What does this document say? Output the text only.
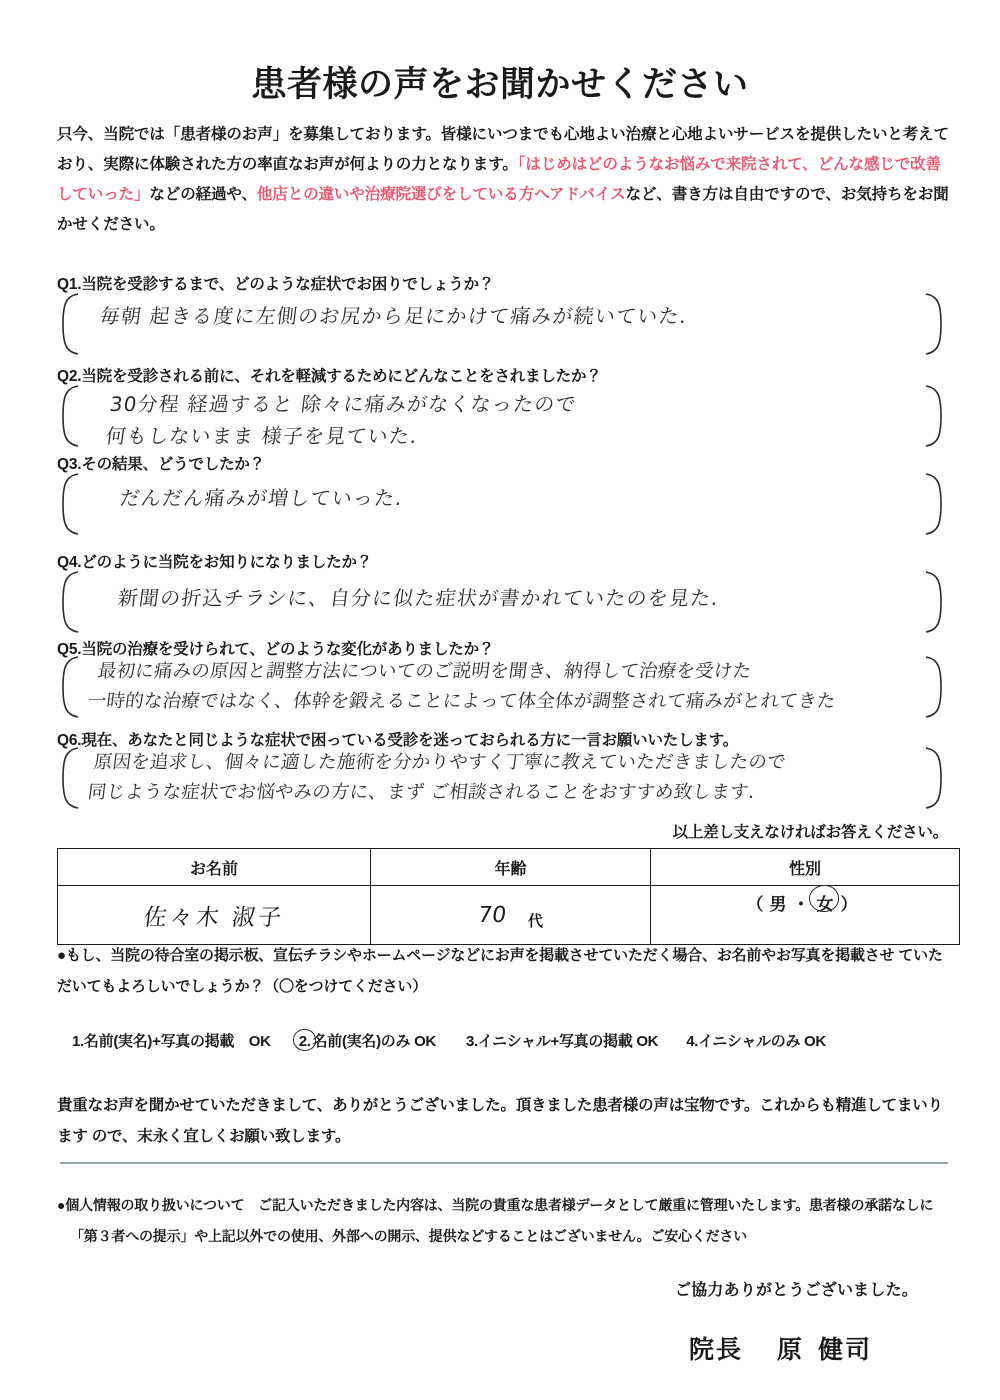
患者様の声をお聞かせください
只今、当院では「患者様のお声」を募集しております。皆様にいつまでも心地よい治療と心地よいサービスを提供したいと考えており、実際に体験された方の率直なお声が何よりの力となります。「はじめはどのようなお悩みで来院されて、どんな感じで改善していった」などの経過や、他店との違いや治療院選びをしている方へアドバイスなど、書き方は自由ですので、お気持ちをお聞かせください。
Q1.当院を受診するまで、どのような症状でお困りでしょうか？
毎朝 起きる度に左側のお尻から足にかけて痛みが続いていた.
Q2.当院を受診される前に、それを軽減するためにどんなことをされましたか？
30分程 経過すると 除々に痛みがなくなったので
何もしないまま 様子を見ていた.
Q3.その結果、どうでしたか？
だんだん痛みが増していった.
Q4.どのように当院をお知りになりましたか？
新聞の折込チラシに、自分に似た症状が書かれていたのを見た.
Q5.当院の治療を受けられて、どのような変化がありましたか？
最初に痛みの原因と調整方法についてのご説明を聞き、納得して治療を受けた
一時的な治療ではなく、体幹を鍛えることによって体全体が調整されて痛みがとれてきた
Q6.現在、あなたと同じような症状で困っている受診を迷っておられる方に一言お願いいたします。
原因を追求し、個々に適した施術を分かりやすく丁寧に教えていただきましたので
同じような症状でお悩やみの方に、まず ご相談されることをおすすめ致します.
以上差し支えなければお答えください。
お名前	年齢	性別
佐々木 淑子	70 代	（男・女）
●もし、当院の待合室の掲示板、宣伝チラシやホームページなどにお声を掲載させていただく場合、お名前やお写真を掲載させ ていただいてもよろしいでしょうか？（〇をつけてください）
1.名前(実名)+写真の掲載　OK 2. 名前(実名)のみ OK 3.イニシャル+写真の掲載 OK 4.イニシャルのみ OK
貴重なお声を聞かせていただきまして、ありがとうございました。頂きました患者様の声は宝物です。これからも精進してまいります ので、末永く宜しくお願い致します。
●個人情報の取り扱いについて　ご記入いただきました内容は、当院の貴重な患者様データとして厳重に管理いたします。患者様の承諾なしに 「第３者への提示」や上記以外での使用、外部への開示、提供などすることはございません。ご安心ください
ご協力ありがとうございました。
院長 原 健司
